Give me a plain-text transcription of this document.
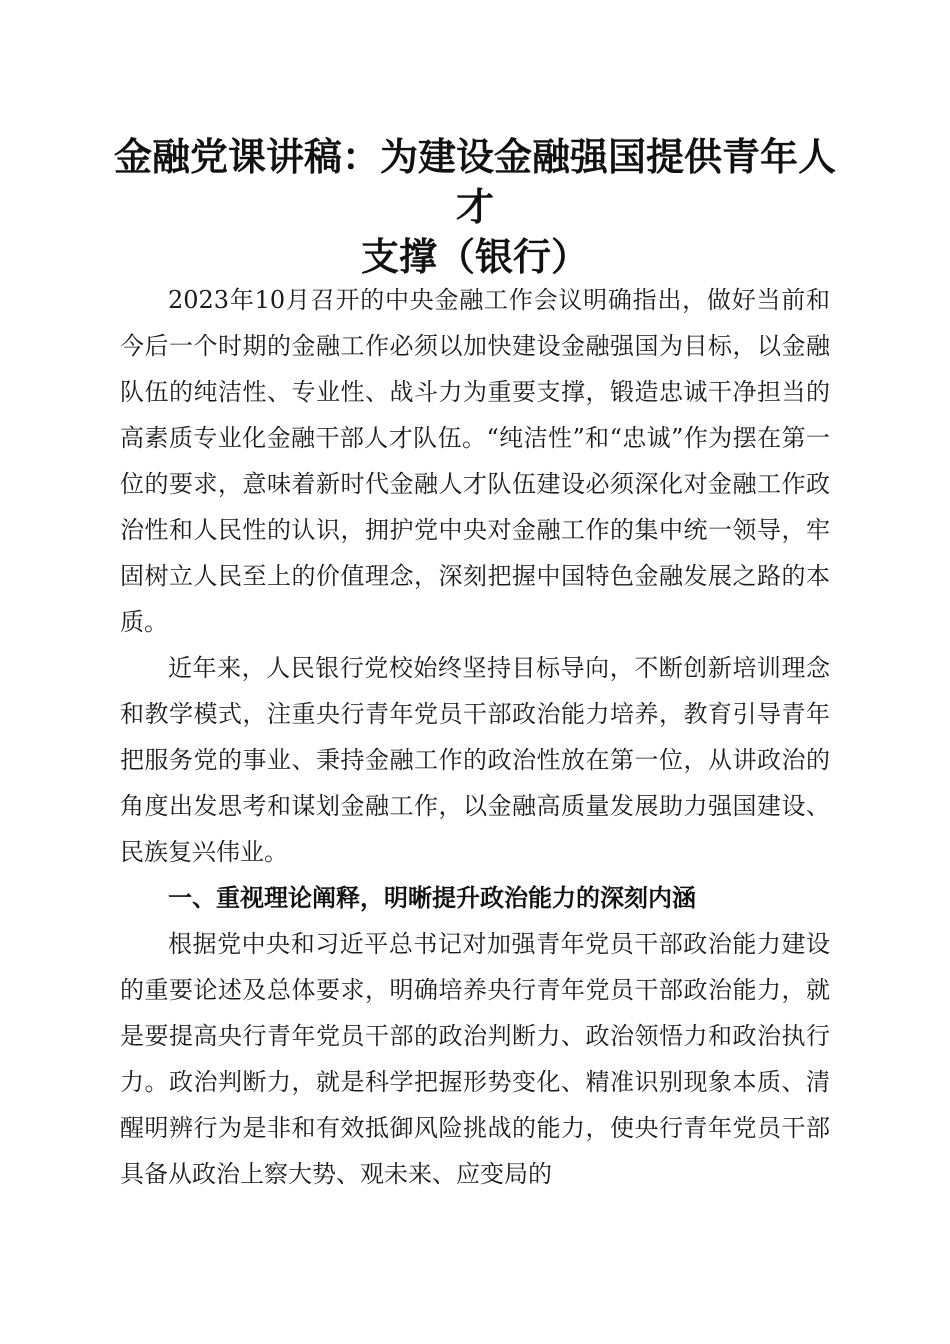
金融党课讲稿：为建设金融强国提供青年人才
支撑（银行）

2023年10月召开的中央金融工作会议明确指出，做好当前和今后一个时期的金融工作必须以加快建设金融强国为目标，以金融队伍的纯洁性、专业性、战斗力为重要支撑，锻造忠诚干净担当的高素质专业化金融干部人才队伍。“纯洁性”和“忠诚”作为摆在第一位的要求，意味着新时代金融人才队伍建设必须深化对金融工作政治性和人民性的认识，拥护党中央对金融工作的集中统一领导，牢固树立人民至上的价值理念，深刻把握中国特色金融发展之路的本质。

近年来，人民银行党校始终坚持目标导向，不断创新培训理念和教学模式，注重央行青年党员干部政治能力培养，教育引导青年把服务党的事业、秉持金融工作的政治性放在第一位，从讲政治的角度出发思考和谋划金融工作，以金融高质量发展助力强国建设、民族复兴伟业。

一、重视理论阐释，明晰提升政治能力的深刻内涵

根据党中央和习近平总书记对加强青年党员干部政治能力建设的重要论述及总体要求，明确培养央行青年党员干部政治能力，就是要提高央行青年党员干部的政治判断力、政治领悟力和政治执行力。政治判断力，就是科学把握形势变化、精准识别现象本质、清醒明辨行为是非和有效抵御风险挑战的能力，使央行青年党员干部具备从政治上察大势、观未来、应变局的
